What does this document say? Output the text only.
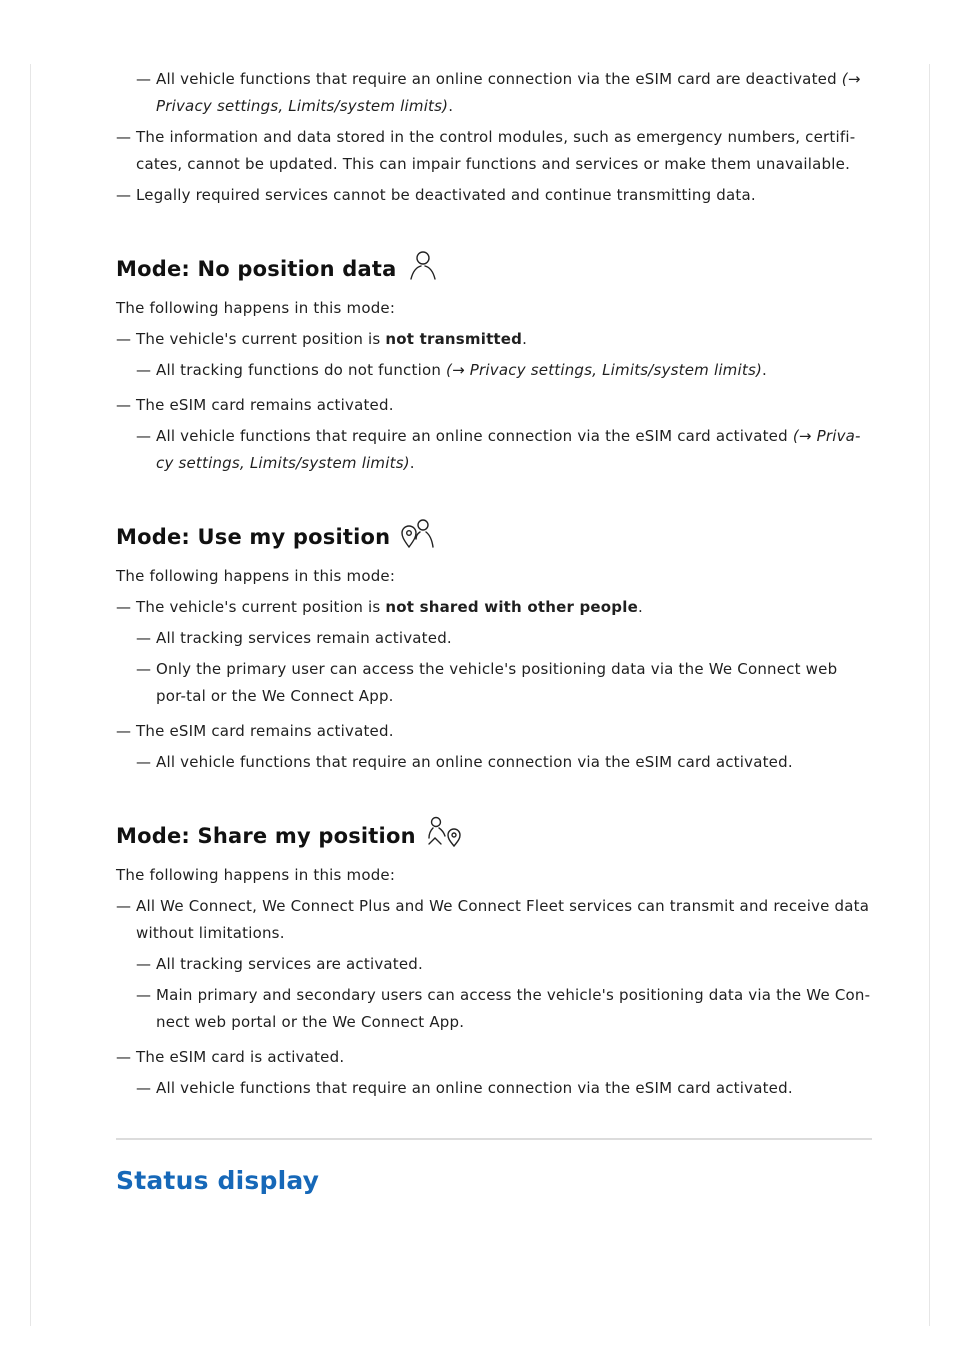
— All vehicle functions that require an online connection via the eSIM card are deactivated (→
Privacy settings, Limits/system limits).

— The information and data stored in the control modules, such as emergency numbers, certifi-cates, cannot be updated. This can impair functions and services or make them unavailable.

— Legally required services cannot be deactivated and continue transmitting data.

Mode: No position data

The following happens in this mode:

— The vehicle's current position is not transmitted.

— All tracking functions do not function (→ Privacy settings, Limits/system limits).

— The eSIM card remains activated.

— All vehicle functions that require an online connection via the eSIM card activated (→ Priva-cy settings, Limits/system limits).

Mode: Use my position

The following happens in this mode:

— The vehicle's current position is not shared with other people.

— All tracking services remain activated.

— Only the primary user can access the vehicle's positioning data via the We Connect web por-tal or the We Connect App.

— The eSIM card remains activated.

— All vehicle functions that require an online connection via the eSIM card activated.

Mode: Share my position

The following happens in this mode:

— All We Connect, We Connect Plus and We Connect Fleet services can transmit and receive data without limitations.

— All tracking services are activated.

— Main primary and secondary users can access the vehicle's positioning data via the We Con-nect web portal or the We Connect App.

— The eSIM card is activated.

— All vehicle functions that require an online connection via the eSIM card activated.

Status display
